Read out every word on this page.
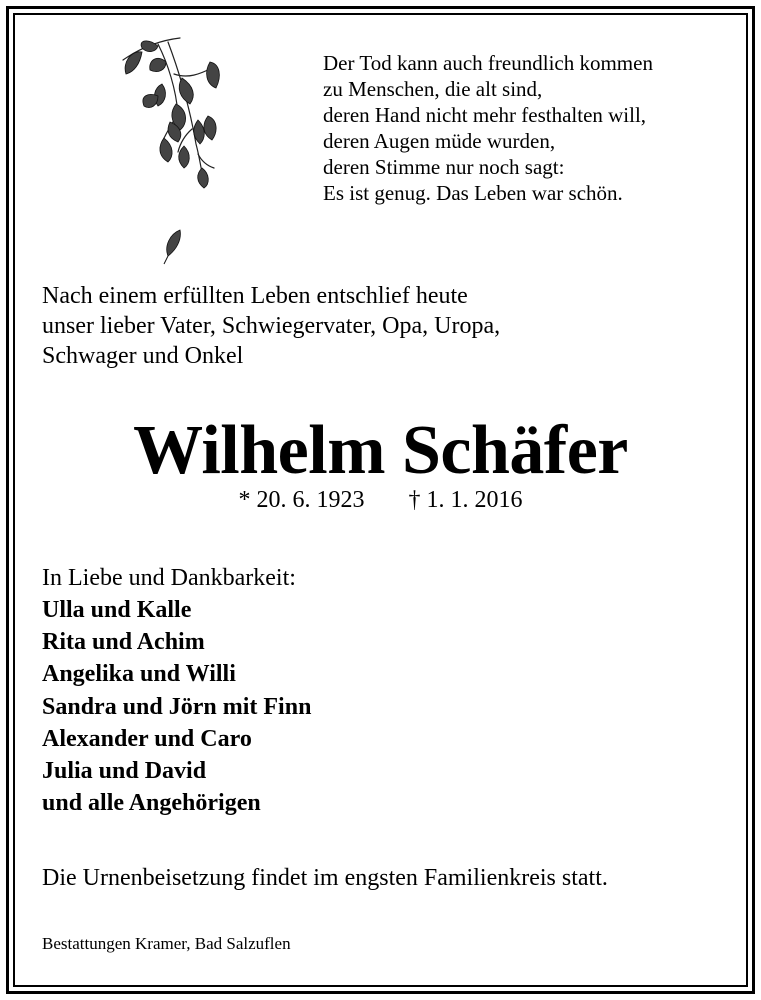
Der Tod kann auch freundlich kommen
zu Menschen, die alt sind,
deren Hand nicht mehr festhalten will,
deren Augen müde wurden,
deren Stimme nur noch sagt:
Es ist genug. Das Leben war schön.
Nach einem erfüllten Leben entschlief heute
unser lieber Vater, Schwiegervater, Opa, Uropa,
Schwager und Onkel
Wilhelm Schäfer
* 20. 6. 1923 † 1. 1. 2016
In Liebe und Dankbarkeit:
Ulla und Kalle
Rita und Achim
Angelika und Willi
Sandra und Jörn mit Finn
Alexander und Caro
Julia und David
und alle Angehörigen
Die Urnenbeisetzung findet im engsten Familienkreis statt.
Bestattungen Kramer, Bad Salzuflen
